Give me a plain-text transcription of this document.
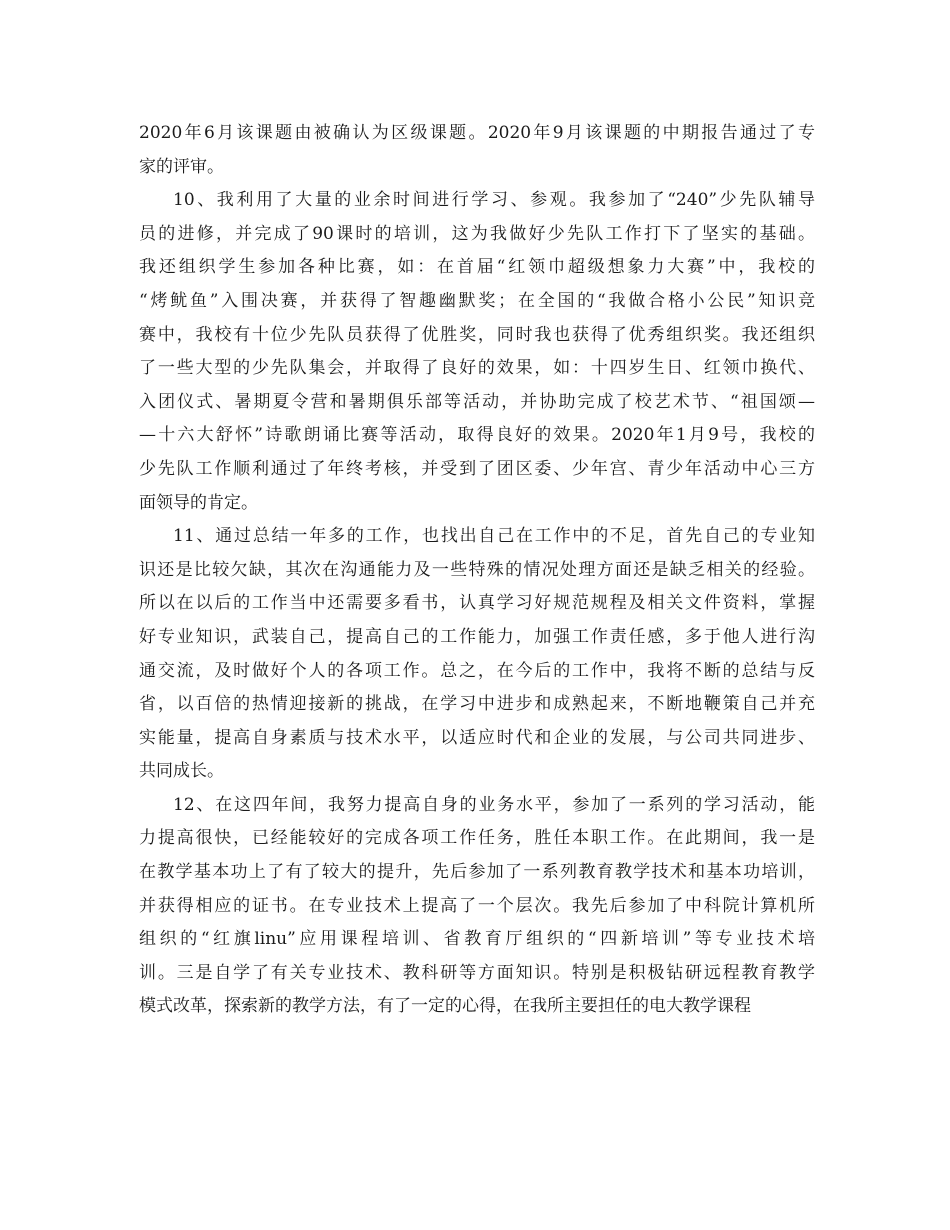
2020年6月该课题由被确认为区级课题。2020年9月该课题的中期报告通过了专
家的评审。
10、我利用了大量的业余时间进行学习、参观。我参加了“240”少先队辅导
员的进修，并完成了90课时的培训，这为我做好少先队工作打下了坚实的基础。
我还组织学生参加各种比赛，如：在首届“红领巾超级想象力大赛”中，我校的
“烤鱿鱼”入围决赛，并获得了智趣幽默奖；在全国的“我做合格小公民”知识竞
赛中，我校有十位少先队员获得了优胜奖，同时我也获得了优秀组织奖。我还组织
了一些大型的少先队集会，并取得了良好的效果，如：十四岁生日、红领巾换代、
入团仪式、暑期夏令营和暑期俱乐部等活动，并协助完成了校艺术节、“祖国颂—
—十六大舒怀”诗歌朗诵比赛等活动，取得良好的效果。2020年1月9号，我校的
少先队工作顺利通过了年终考核，并受到了团区委、少年宫、青少年活动中心三方
面领导的肯定。
11、通过总结一年多的工作，也找出自己在工作中的不足，首先自己的专业知
识还是比较欠缺，其次在沟通能力及一些特殊的情况处理方面还是缺乏相关的经验。
所以在以后的工作当中还需要多看书，认真学习好规范规程及相关文件资料，掌握
好专业知识，武装自己，提高自己的工作能力，加强工作责任感，多于他人进行沟
通交流，及时做好个人的各项工作。总之，在今后的工作中，我将不断的总结与反
省，以百倍的热情迎接新的挑战，在学习中进步和成熟起来，不断地鞭策自己并充
实能量，提高自身素质与技术水平，以适应时代和企业的发展，与公司共同进步、
共同成长。
12、在这四年间，我努力提高自身的业务水平，参加了一系列的学习活动，能
力提高很快，已经能较好的完成各项工作任务，胜任本职工作。在此期间，我一是
在教学基本功上了有了较大的提升，先后参加了一系列教育教学技术和基本功培训，
并获得相应的证书。在专业技术上提高了一个层次。我先后参加了中科院计算机所
组织的“红旗linu”应用课程培训、省教育厅组织的“四新培训”等专业技术培
训。三是自学了有关专业技术、教科研等方面知识。特别是积极钻研远程教育教学
模式改革，探索新的教学方法，有了一定的心得，在我所主要担任的电大教学课程
